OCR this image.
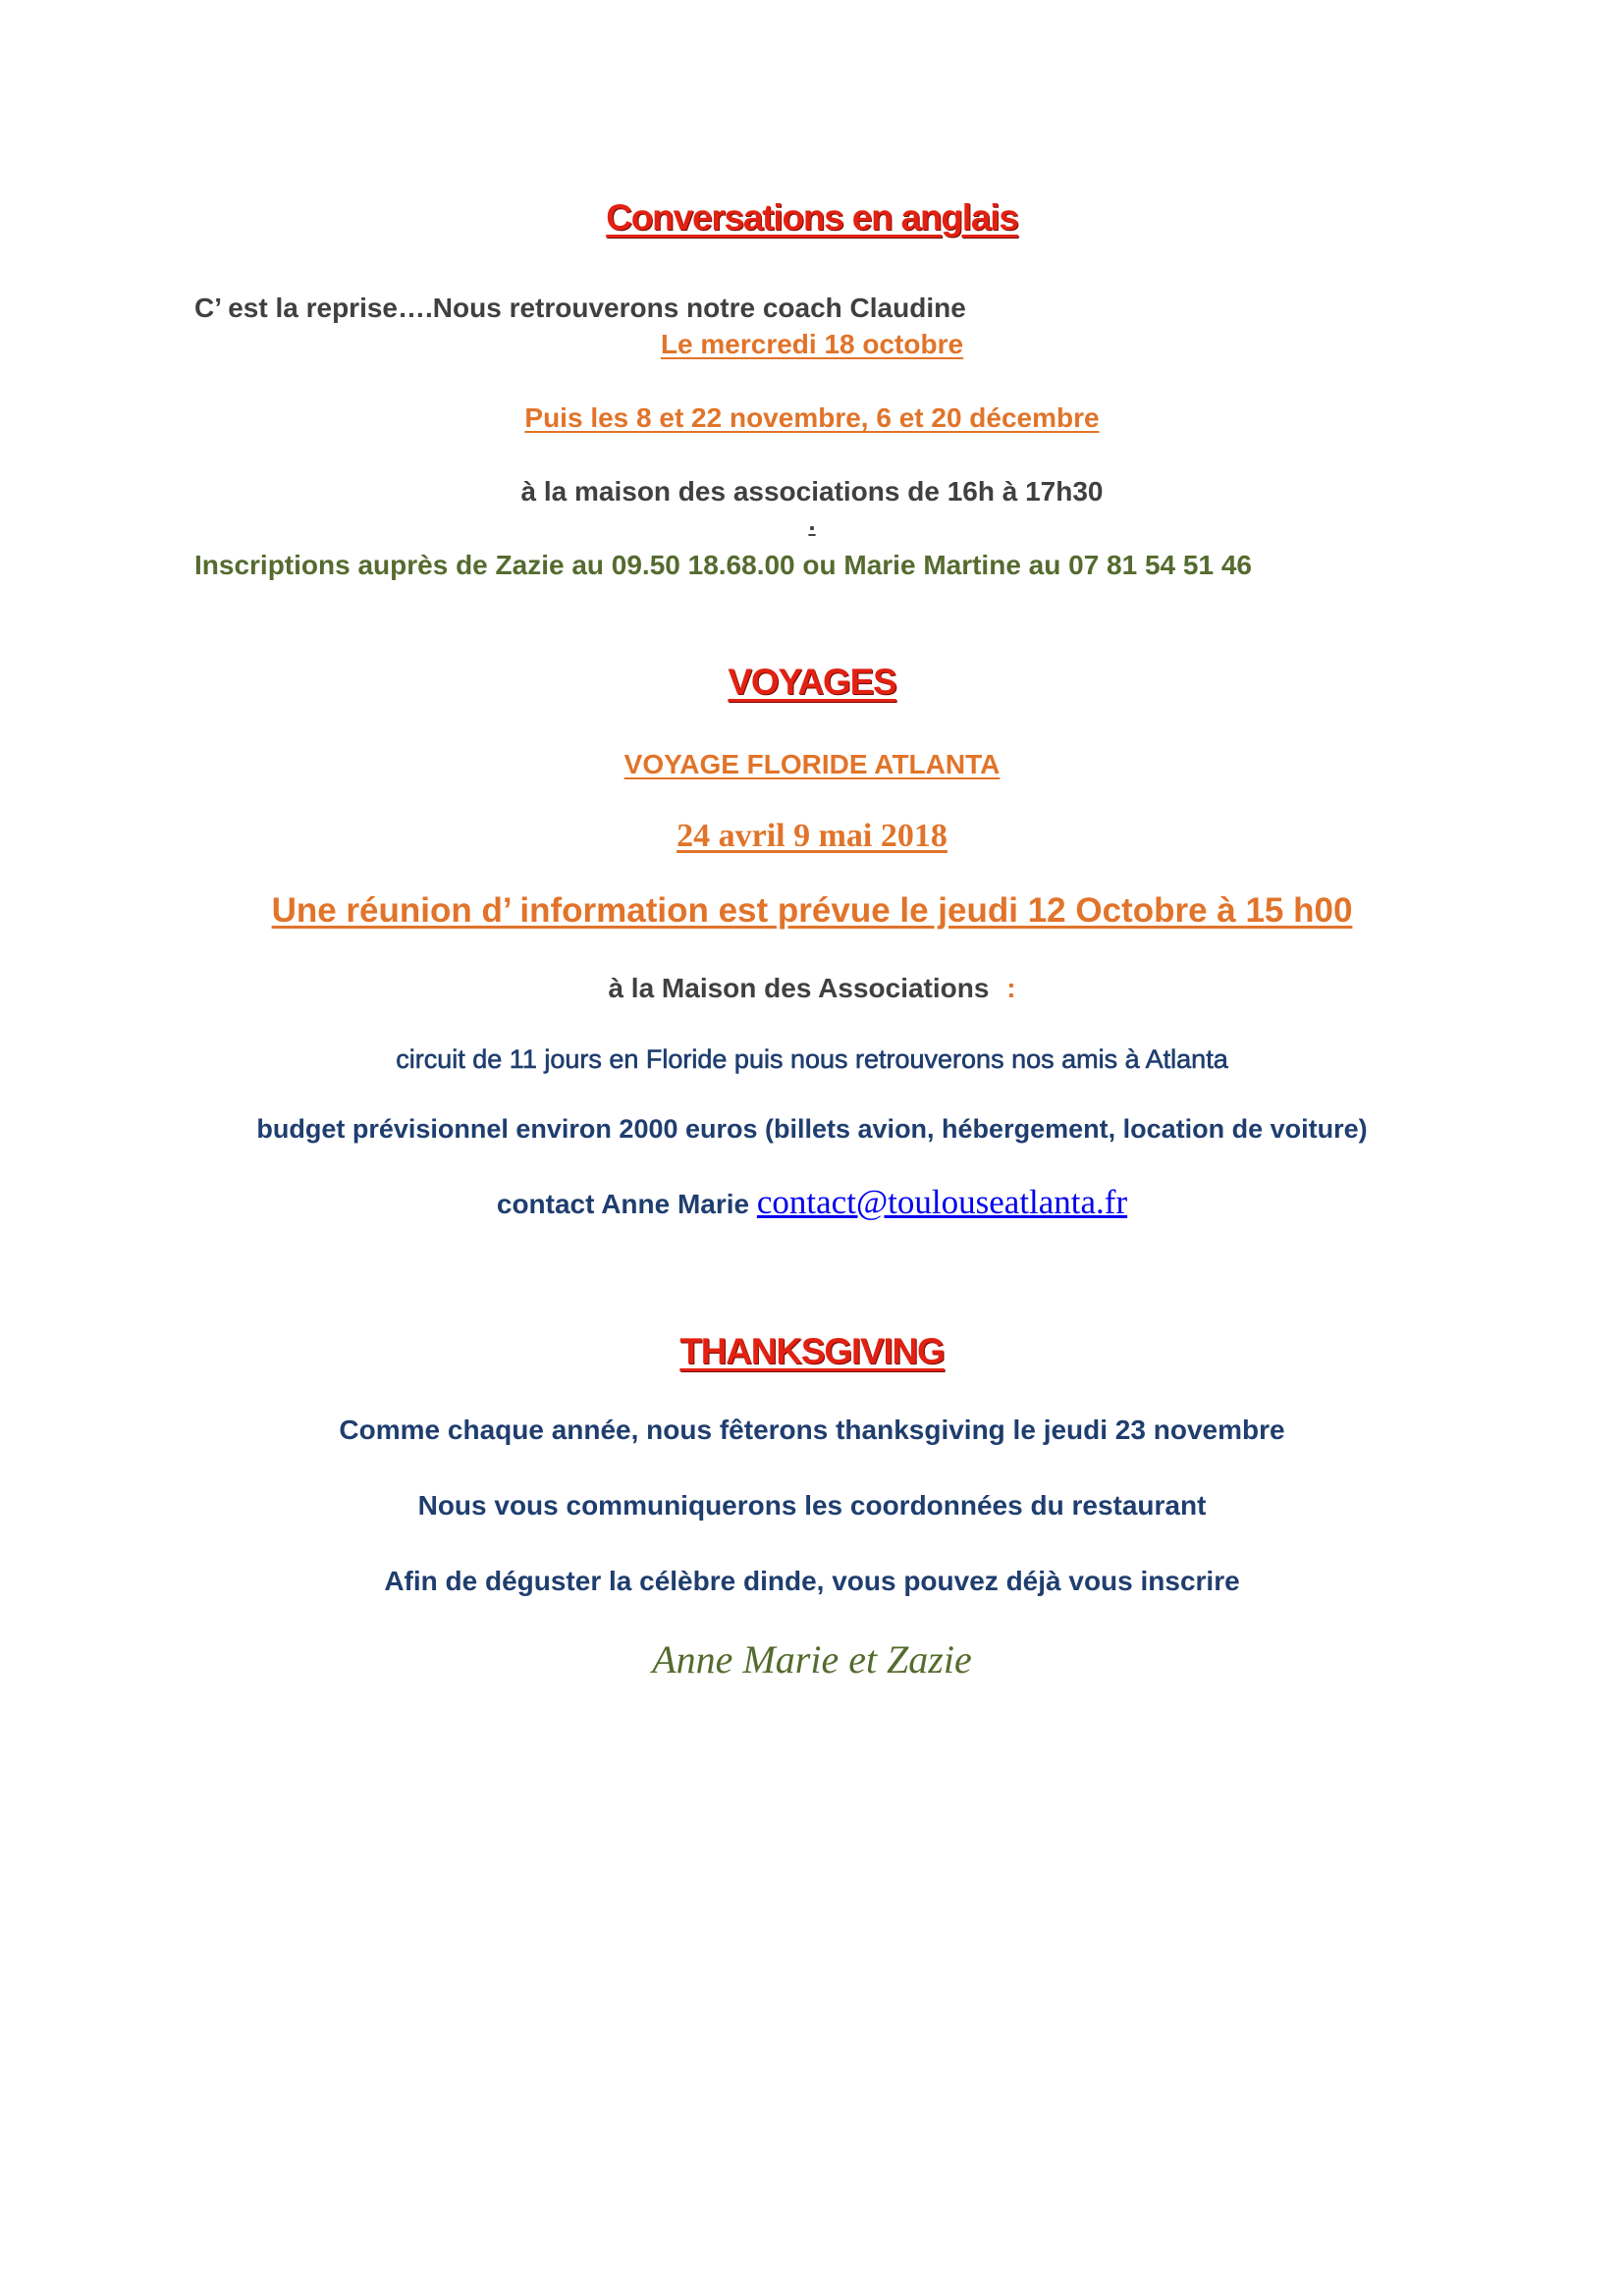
Conversations en anglais
C’ est la reprise….Nous retrouverons notre coach Claudine
Le mercredi 18 octobre
Puis les 8 et 22 novembre, 6 et 20 décembre
à la maison des associations de 16h à 17h30
.
Inscriptions auprès de Zazie au 09.50 18.68.00 ou Marie Martine au 07 81 54 51 46
VOYAGES
VOYAGE FLORIDE ATLANTA
24 avril 9 mai 2018
Une réunion d’ information est prévue le jeudi 12 Octobre à 15 h00
à la Maison des Associations :
circuit de 11 jours en Floride puis nous retrouverons nos amis à Atlanta
budget prévisionnel environ 2000 euros (billets avion, hébergement, location de voiture)
contact Anne Marie contact@toulouseatlanta.fr
THANKSGIVING
Comme chaque année, nous fêterons thanksgiving le jeudi 23 novembre
Nous vous communiquerons les coordonnées du restaurant
Afin de déguster la célèbre dinde, vous pouvez déjà vous inscrire
Anne Marie et Zazie
